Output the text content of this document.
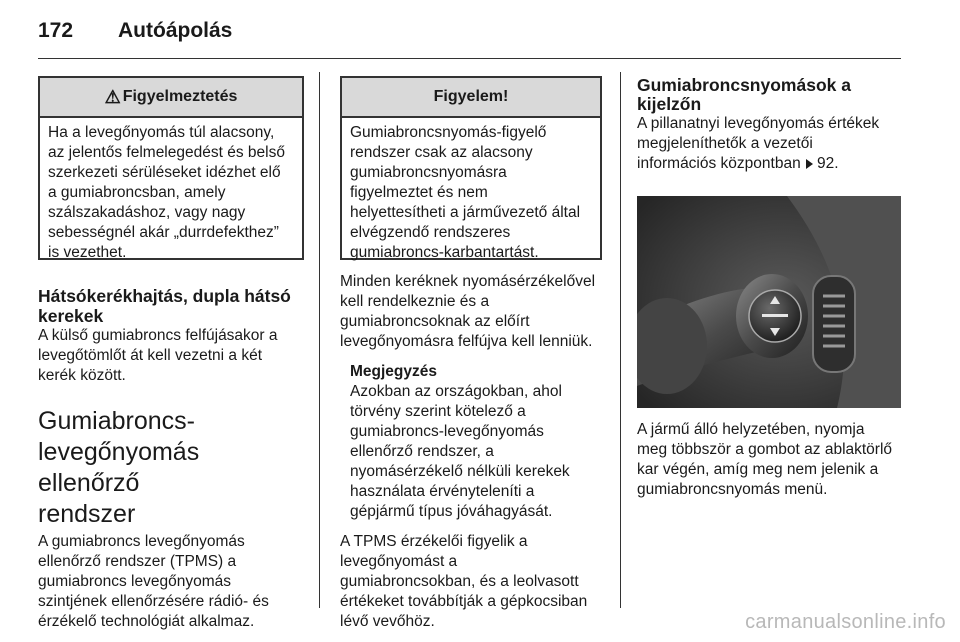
172	Autóápolás
⚠ Figyelmeztetés
Ha a levegőnyomás túl alacsony,
az jelentős felmelegedést és belső
szerkezeti sérüléseket idézhet elő
a gumiabroncsban, amely
szálszakadáshoz, vagy nagy
sebességnél akár „durrdefekthez”
is vezethet.
Hátsókerékhajtás, dupla hátsó
kerekek
A külső gumiabroncs felfújásakor a
levegőtömlőt át kell vezetni a két
kerék között.
Gumiabroncs-
levegőnyomás ellenőrző
rendszer
A gumiabroncs levegőnyomás
ellenőrző rendszer (TPMS) a
gumiabroncs levegőnyomás
szintjének ellenőrzésére rádió- és
érzékelő technológiát alkalmaz.
Figyelem!
Gumiabroncsnyomás-figyelő
rendszer csak az alacsony
gumiabroncsnyomásra
figyelmeztet és nem
helyettesítheti a járművezető által
elvégzendő rendszeres
gumiabroncs-karbantartást.
Minden keréknek nyomásérzékelővel
kell rendelkeznie és a
gumiabroncsoknak az előírt
levegőnyomásra felfújva kell lenniük.
Megjegyzés
Azokban az országokban, ahol
törvény szerint kötelező a
gumiabroncs-levegőnyomás
ellenőrző rendszer, a
nyomásérzékelő nélküli kerekek
használata érvényteleníti a
gépjármű típus jóváhagyását.
A TPMS érzékelői figyelik a
levegőnyomást a
gumiabroncsokban, és a leolvasott
értékeket továbbítják a gépkocsiban
lévő vevőhöz.
Gumiabroncsnyomások a
kijelzőn
A pillanatnyi levegőnyomás értékek
megjeleníthetők a vezetői
információs központban 92.
A jármű álló helyzetében, nyomja
meg többször a gombot az ablaktörlő
kar végén, amíg meg nem jelenik a
gumiabroncsnyomás menü.
carmanualsonline.info
